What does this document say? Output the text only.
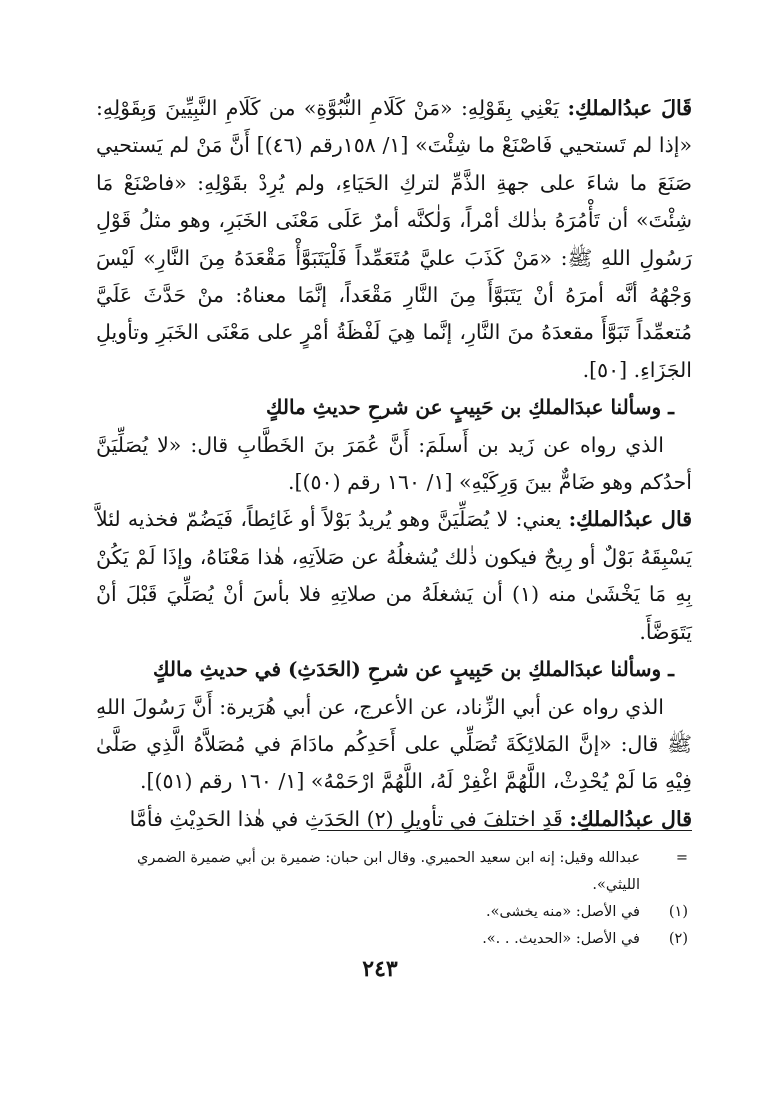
قَالَ عبدُالملكِ: يَعْنِي بِقَوْلِهِ: «مَنْ كَلَامِ النُّبُوَّةِ» من كَلَامِ النَّبِيِّينَ وَبِقَوْلِهِ: «إذا لم تَستحيي فَاصْنَعْ ما شِئْتَ» [١/ ١٥٨رقم (٤٦)] أَنَّ مَنْ لم يَستحيي صَنَعَ ما شاءَ على جهةِ الذَّمِّ لتركِ الحَيَاءِ، ولم يُرِدْ بقَوْلِهِ: «فاصْنَعْ مَا شِئْتَ» أن تَأْمُرَهُ بذٰلك أمْراً، وَلٰكنَّه أمرٌ عَلَى مَعْنَى الخَبَرِ، وهو مثلُ قَوْلِ رَسُولِ اللهِ ﷺ: «مَنْ كَذَبَ عليَّ مُتَعَمِّداً فَلْيَتَبَوَّأْ مَقْعَدَهُ مِنَ النَّارِ» لَيْسَ وَجْهُهُ أنَّه أمرَهُ أنْ يَتَبَوَّأَ مِنَ النَّارِ مَقْعَداً، إنَّمَا معناهُ: منْ حَدَّثَ عَلَيَّ مُتعمِّداً تَبَوَّأَ مقعدَهُ منَ النَّارِ، إنَّما هِيَ لَفْظَةُ أمْرٍ على مَعْنَى الخَبَرِ وتأويلِ الجَزَاءِ. [٥٠].

ـ وسألنا عبدَالملكِ بن حَبِيبٍ عن شرحِ حديثِ مالكٍ

الذي رواه عن زَيد بن أَسلَمَ: أَنَّ عُمَرَ بنَ الخَطَّابِ قال: «لا يُصَلِّيَنَّ أحدُكم وهو ضَامٌّ بينَ وَرِكَيْهِ» [١/ ١٦٠ رقم (٥٠)].

قال عبدُالملكِ: يعني: لا يُصَلِّيَنَّ وهو يُريدُ بَوْلاً أو غَائِطاً، فَيَضُمّ فخذيه لئلاَّ يَسْبِقَهُ بَوْلٌ أو رِيحٌ فيكون ذٰلك يُشغلُهُ عن صَلاَتِهِ، هٰذا مَعْنَاهُ، وإذَا لَمْ يَكُنْ بِهِ مَا يَخْشَىٰ منه (١) أن يَشغلَهُ من صلاتِهِ فلا بأسَ أنْ يُصَلِّيَ قَبْلَ أنْ يَتَوَضَّأَ.

ـ وسألنا عبدَالملكِ بن حَبِيبٍ عن شرحِ (الحَدَثِ) في حديثِ مالكٍ

الذي رواه عن أبي الزِّناد، عن الأعرج، عن أبي هُرَيرة: أَنَّ رَسُولَ اللهِ ﷺ قال: «إنَّ المَلائِكَةَ تُصَلِّي على أَحَدِكُم مادَامَ في مُصَلاَّهُ الَّذِي صَلَّىٰ فِيْهِ مَا لَمْ يُحْدِثْ، اللَّهُمَّ اغْفِرْ لَهُ، اللَّهُمَّ ارْحَمْهُ» [١/ ١٦٠ رقم (٥١)].

قال عبدُالملكِ: قَدِ اختلفَ في تأويلِ (٢) الحَدَثِ في هٰذا الحَدِيْثِ فأمَّا

=
عبدالله وقيل: إنه ابن سعيد الحميري. وقال ابن حبان: ضميرة بن أبي ضميرة الضمري الليثي».
(١)
في الأصل: «منه يخشى».
(٢)
في الأصل: «الحديث. . .».
٢٤٣
